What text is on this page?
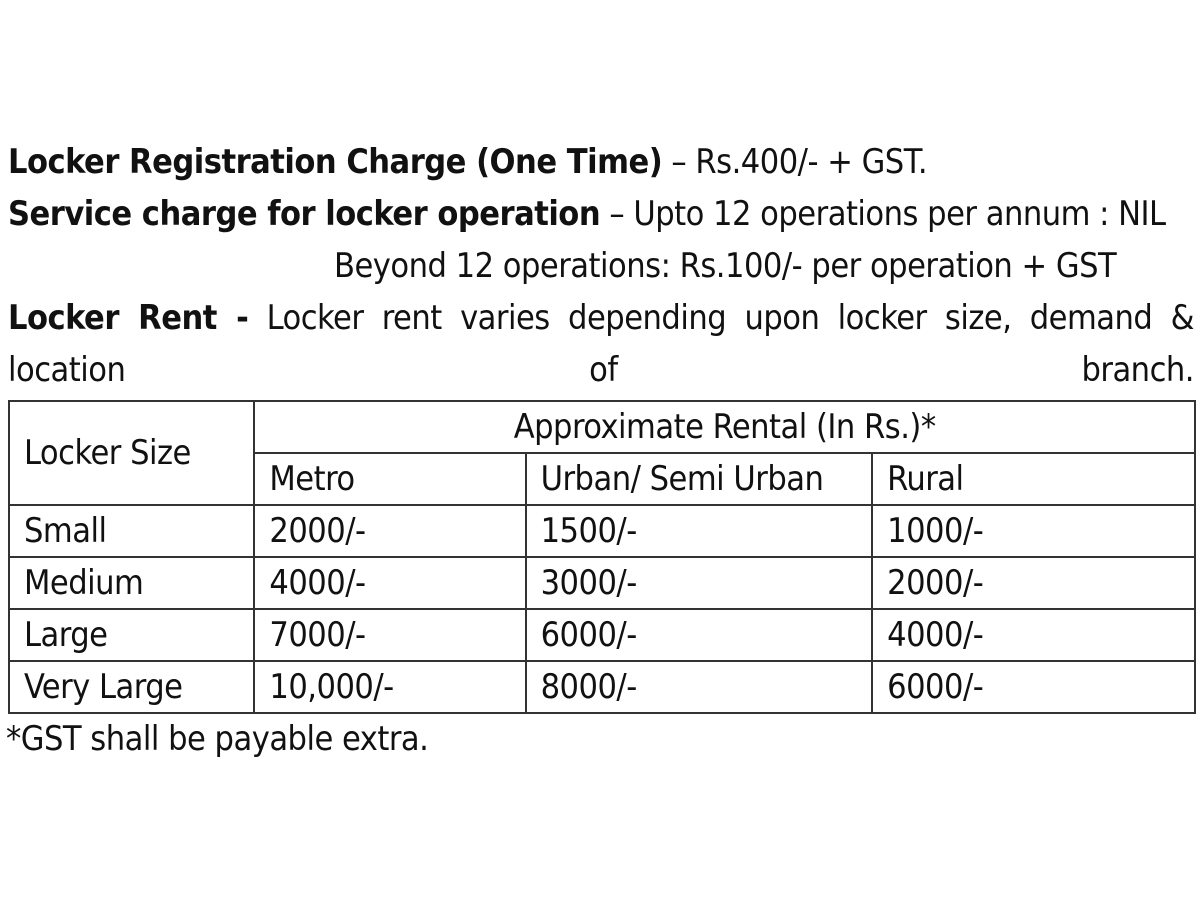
Locker Registration Charge (One Time) – Rs.400/- + GST.
Service charge for locker operation – Upto 12 operations per annum : NIL
Beyond 12 operations: Rs.100/- per operation + GST
Locker Rent - Locker rent varies depending upon locker size, demand & location of branch.
Locker Size	Approximate Rental (In Rs.)*		
	Metro	Urban/ Semi Urban	Rural
Small	2000/-	1500/-	1000/-
Medium	4000/-	3000/-	2000/-
Large	7000/-	6000/-	4000/-
Very Large	10,000/-	8000/-	6000/-
*GST shall be payable extra.
